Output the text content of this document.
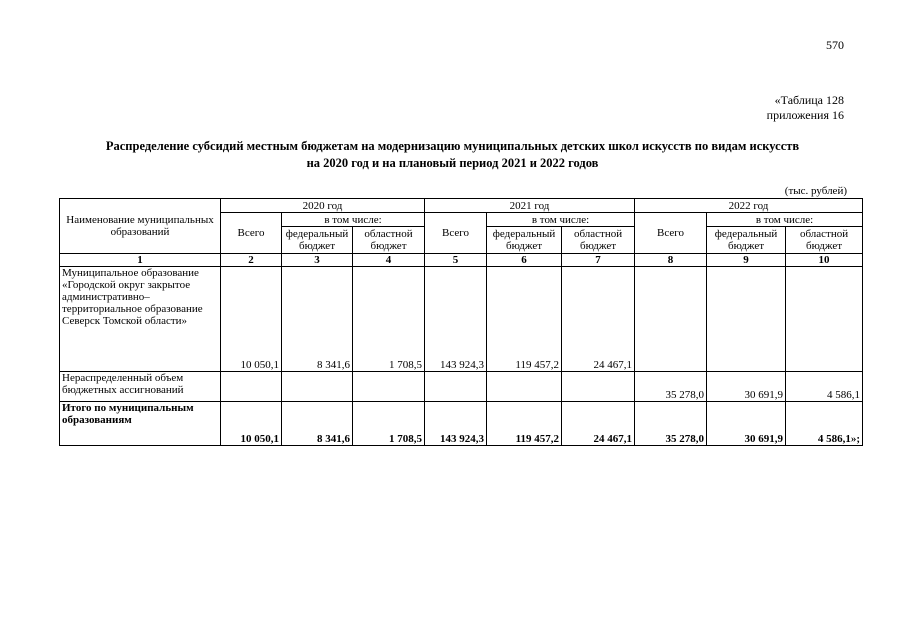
570
«Таблица 128
приложения 16
Распределение субсидий местным бюджетам на модернизацию муниципальных детских школ искусств по видам искусств
на 2020 год и на плановый период 2021 и 2022 годов
(тыс. рублей)
Наименование муниципальных образований	2020 год			2021 год			2022 год		
	Всего	в том числе:		Всего	в том числе:		Всего	в том числе:	
		федеральный бюджет	областной бюджет		федеральный бюджет	областной бюджет		федеральный бюджет	областной бюджет
1	2	3	4	5	6	7	8	9	10
Муниципальное образование «Городской округ закрытое административно–территориальное образование Северск Томской области»	10 050,1	8 341,6	1 708,5	143 924,3	119 457,2	24 467,1			
Нераспределенный объем бюджетных ассигнований							35 278,0	30 691,9	4 586,1
Итого по муниципальным образованиям	10 050,1	8 341,6	1 708,5	143 924,3	119 457,2	24 467,1	35 278,0	30 691,9	4 586,1»;
